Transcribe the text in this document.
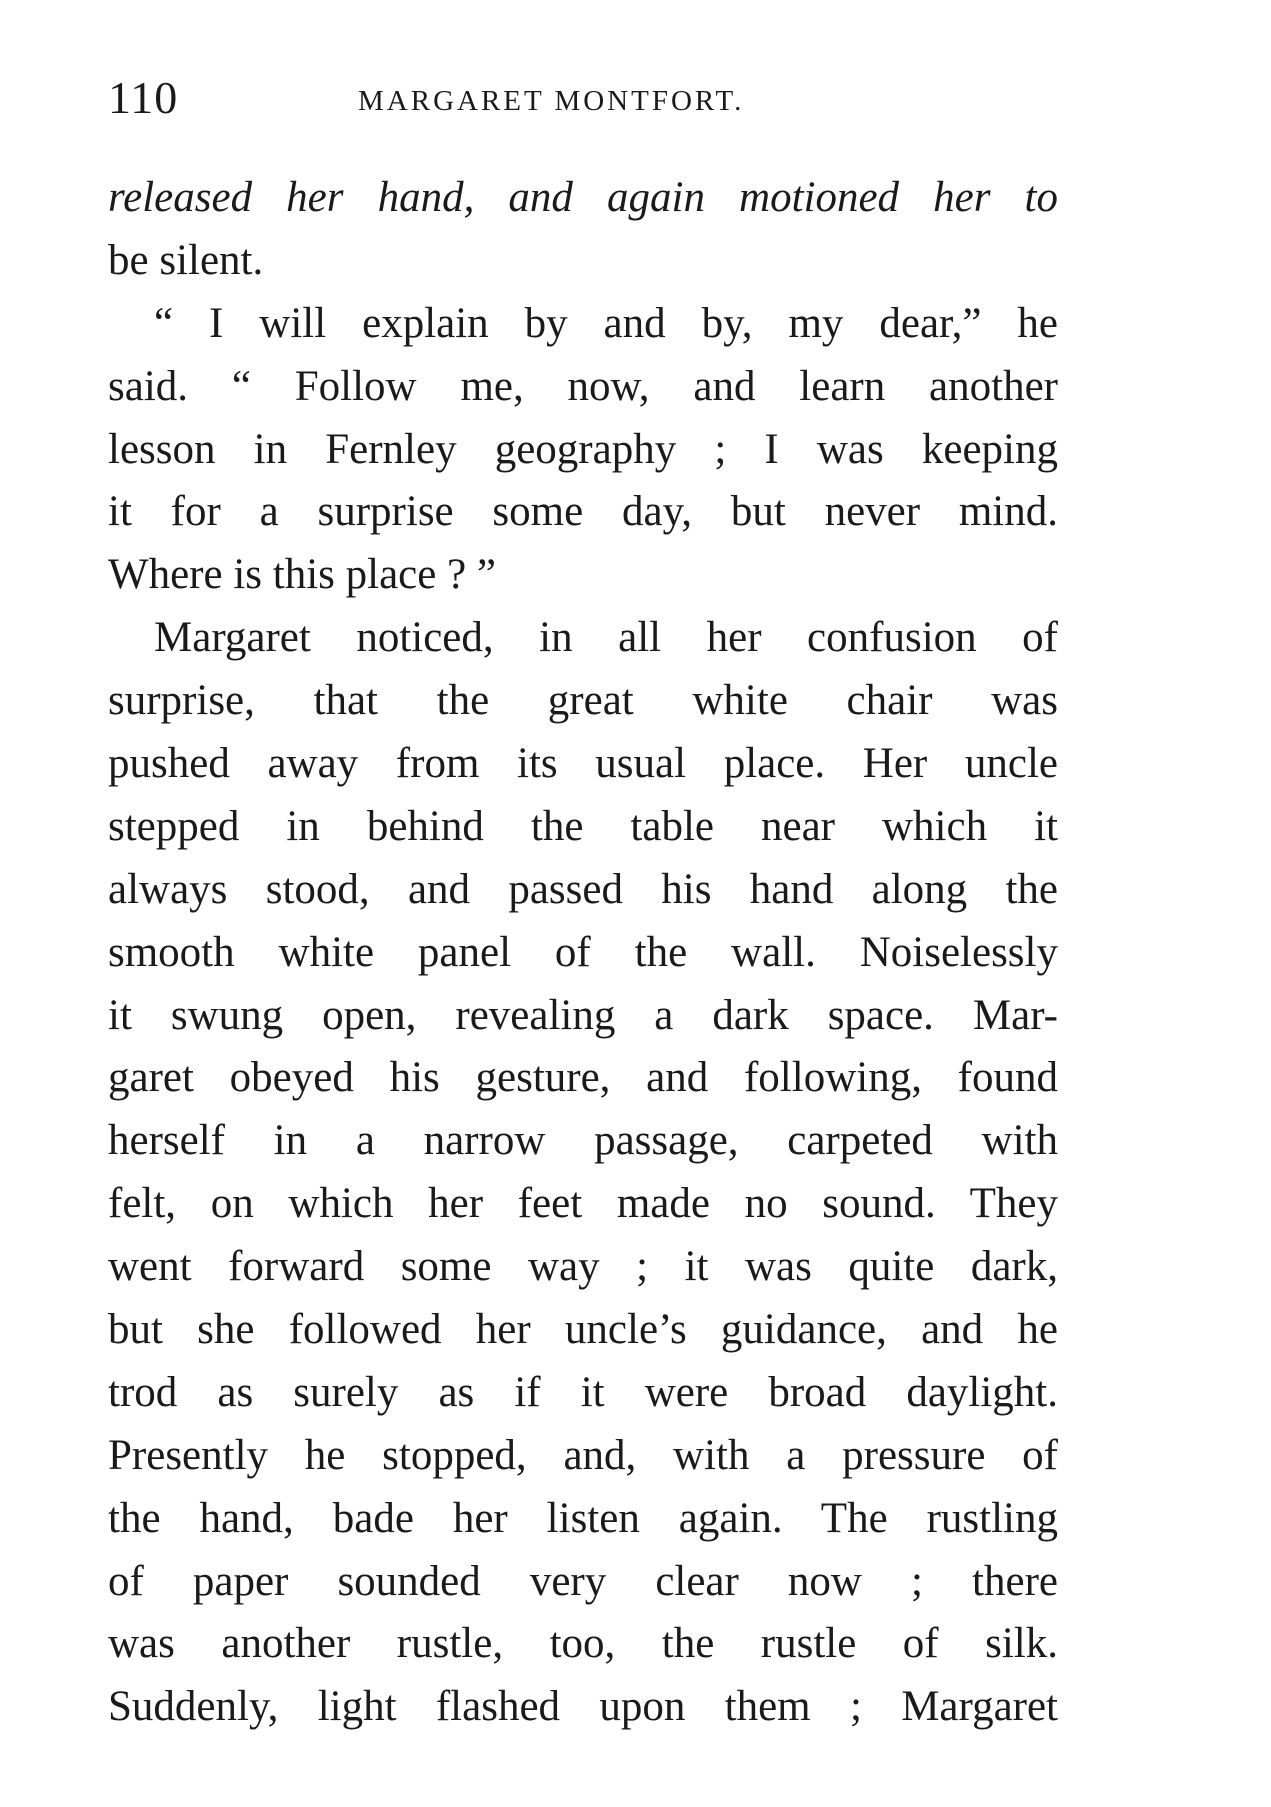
110	MARGARET MONTFORT.
released her hand, and again motioned her to
be silent.
“ I will explain by and by, my dear,” he
said. “ Follow me, now, and learn another
lesson in Fernley geography ; I was keeping
it for a surprise some day, but never mind.
Where is this place ? ”
Margaret noticed, in all her confusion of
surprise, that the great white chair was
pushed away from its usual place. Her uncle
stepped in behind the table near which it
always stood, and passed his hand along the
smooth white panel of the wall. Noiselessly
it swung open, revealing a dark space. Mar-
garet obeyed his gesture, and following, found
herself in a narrow passage, carpeted with
felt, on which her feet made no sound. They
went forward some way ; it was quite dark,
but she followed her uncle’s guidance, and he
trod as surely as if it were broad daylight.
Presently he stopped, and, with a pressure of
the hand, bade her listen again. The rustling
of paper sounded very clear now ; there
was another rustle, too, the rustle of silk.
Suddenly, light flashed upon them ; Margaret
